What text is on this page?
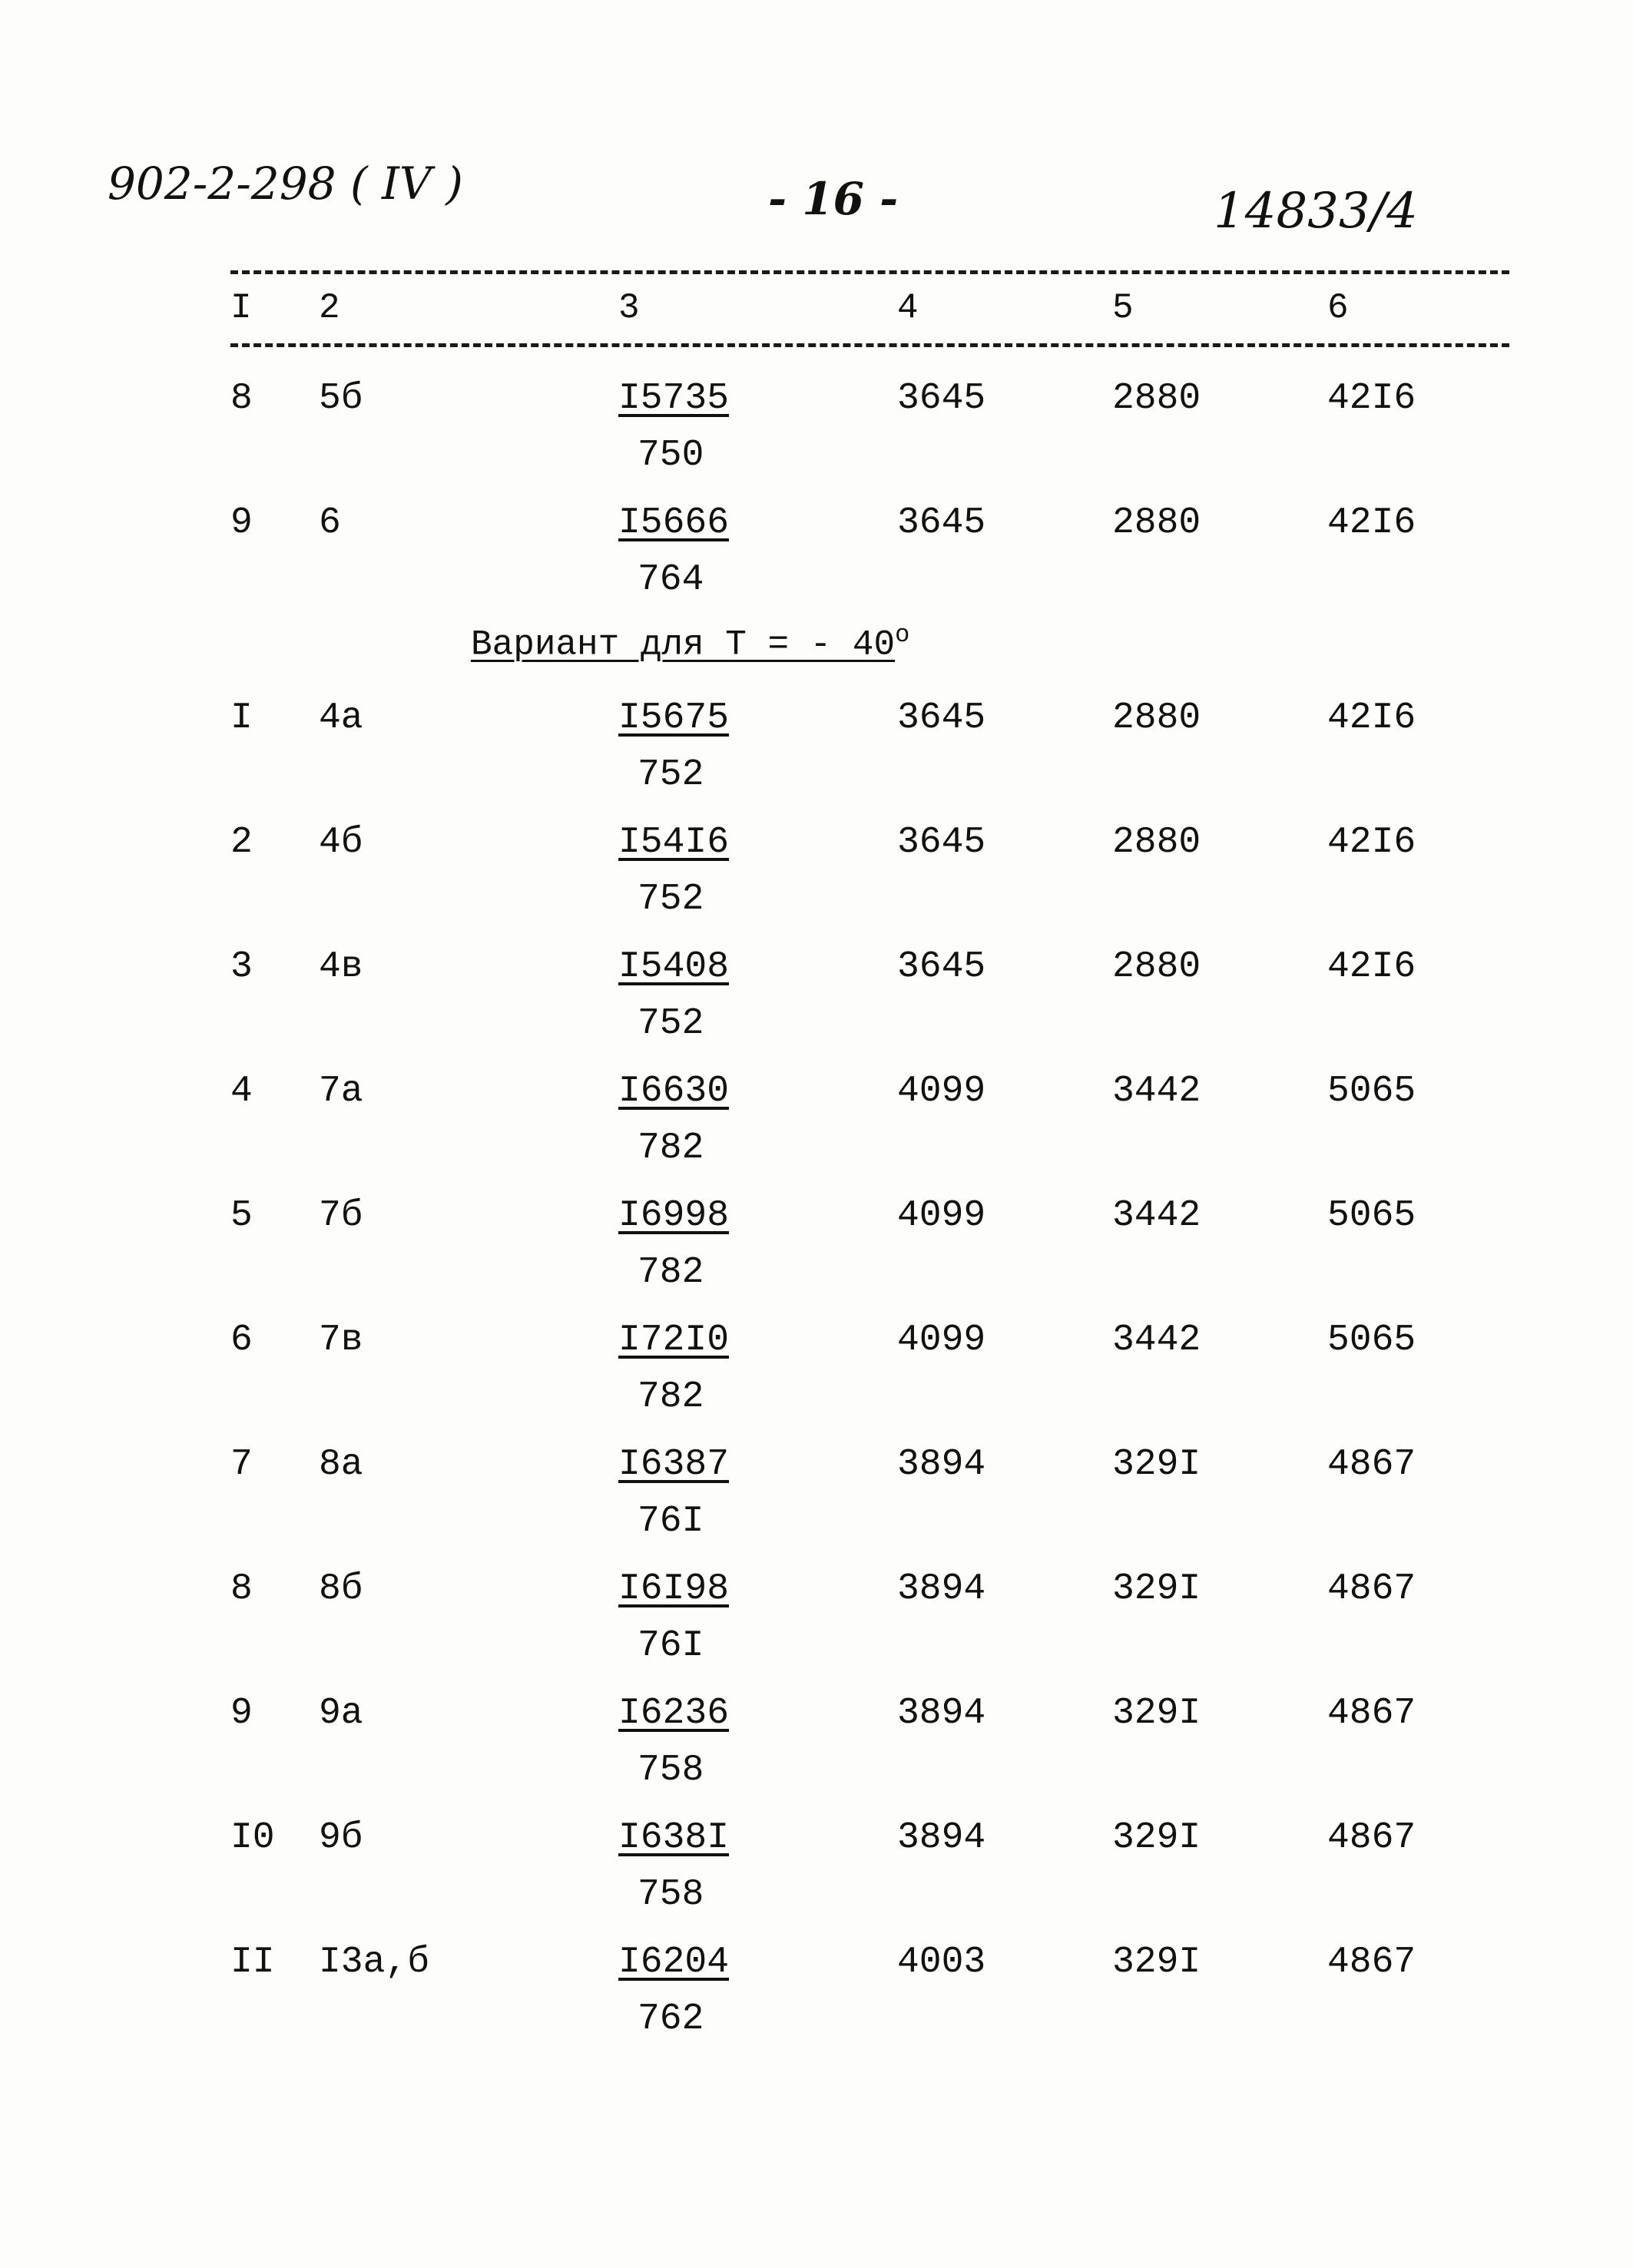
902-2-298 ( IV )	- 16 -	14833/4
I 2	3	4	5	6
8 5б	$\frac{I5735}{750}$	3645	2880	42I6
9 6	$\frac{I5666}{764}$	3645	2880	42I6
Вариант для T = - 40$^o$
I 4а	$\frac{I5675}{752}$	3645	2880	42I6
2 4б	$\frac{I54I6}{752}$	3645	2880	42I6
3 4в	$\frac{I5408}{752}$	3645	2880	42I6
4 7а	$\frac{I6630}{782}$	4099	3442	5065
5 7б	$\frac{I6998}{782}$	4099	3442	5065
6 7в	$\frac{I72I0}{782}$	4099	3442	5065
7 8а	$\frac{I6387}{76I}$	3894	329I	4867
8 8б	$\frac{I6I98}{76I}$	3894	329I	4867
9 9а	$\frac{I6236}{758}$	3894	329I	4867
I0 9б	$\frac{I638I}{758}$	3894	329I	4867
II I3а,б	$\frac{I6204}{762}$	4003	329I	4867
